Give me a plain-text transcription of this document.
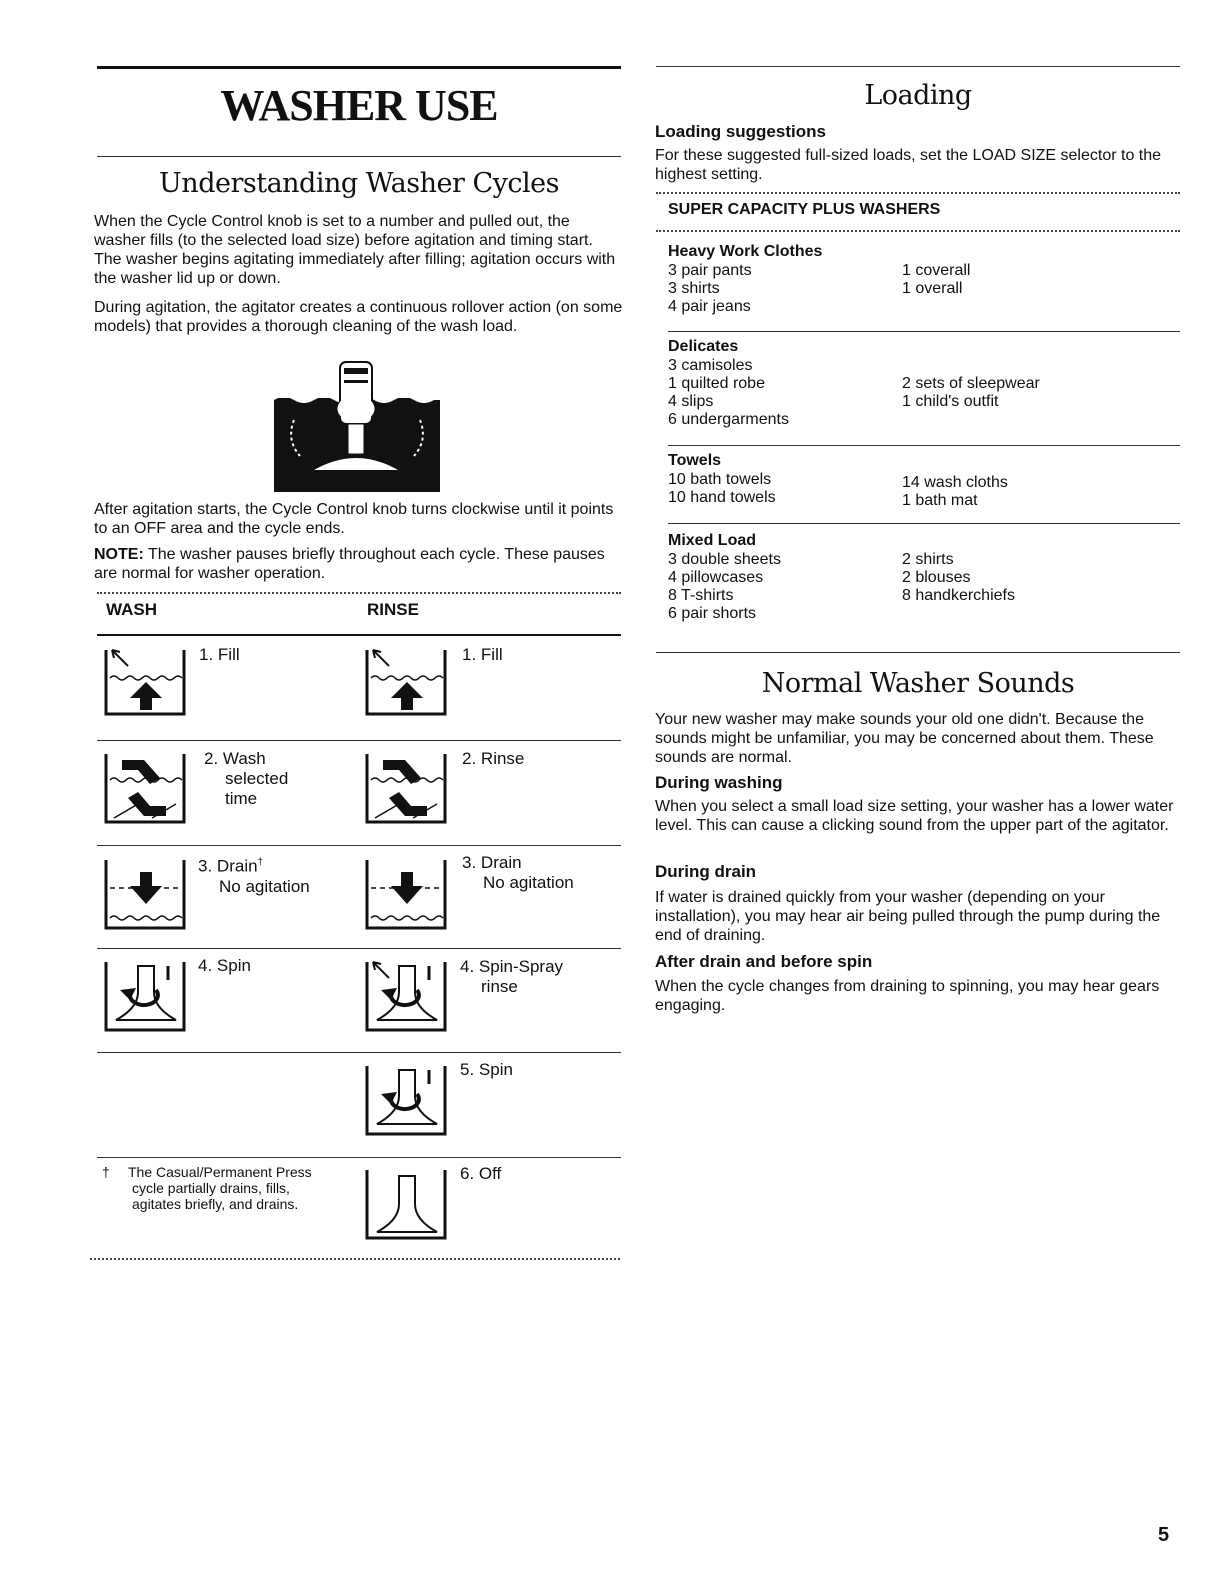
WASHER USE
Understanding Washer Cycles
When the Cycle Control knob is set to a number and pulled out, the washer fills (to the selected load size) before agitation and timing start. The washer begins agitating immediately after filling; agitation occurs with the washer lid up or down.
During agitation, the agitator creates a continuous rollover action (on some models) that provides a thorough cleaning of the wash load.
After agitation starts, the Cycle Control knob turns clockwise until it points to an OFF area and the cycle ends.
NOTE: The washer pauses briefly throughout each cycle. These pauses are normal for washer operation.
WASH	RINSE
1. Fill
2. Wash
selected
time
3. Drain†
No agitation
4. Spin
1. Fill
2. Rinse
3. Drain
No agitation
4. Spin-Spray
rinse
5. Spin
6. Off
†	The Casual/Permanent Press
cycle partially drains, fills,
agitates briefly, and drains.
Loading
Loading suggestions
For these suggested full-sized loads, set the LOAD SIZE selector to the highest setting.
SUPER CAPACITY PLUS WASHERS
Heavy Work Clothes
3 pair pants
3 shirts
4 pair jeans
1 coverall
1 overall
Delicates
3 camisoles
1 quilted robe
4 slips
6 undergarments
2 sets of sleepwear
1 child's outfit
Towels
10 bath towels
10 hand towels
14 wash cloths
1 bath mat
Mixed Load
3 double sheets
4 pillowcases
8 T-shirts
6 pair shorts
2 shirts
2 blouses
8 handkerchiefs
Normal Washer Sounds
Your new washer may make sounds your old one didn't. Because the sounds might be unfamiliar, you may be concerned about them. These sounds are normal.
During washing
When you select a small load size setting, your washer has a lower water level. This can cause a clicking sound from the upper part of the agitator.
During drain
If water is drained quickly from your washer (depending on your installation), you may hear air being pulled through the pump during the end of draining.
After drain and before spin
When the cycle changes from draining to spinning, you may hear gears engaging.
5
